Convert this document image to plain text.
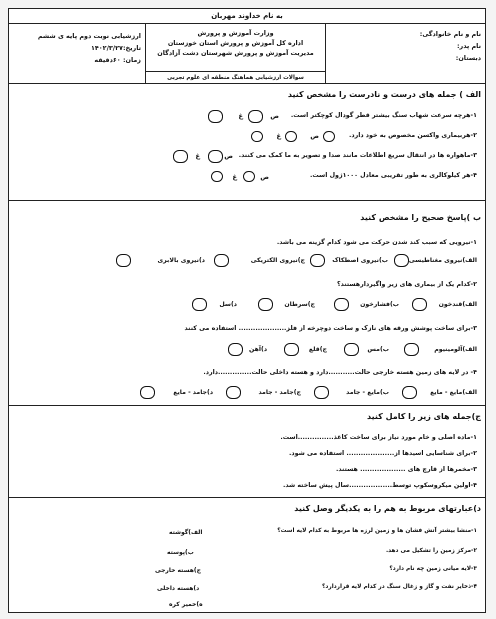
به نام خداوند مهربان
نام و نام خانوادگی:
نام پدر:
دبستان:
وزارت آموزش و پرورش
اداره کل آموزش و پرورش استان خوزستان
مدیریت آموزش و پرورش شهرستان دشت آزادگان
سوالات ارزشیابی هماهنگ منطقه ای علوم تجربی
ارزشیابی نوبت دوم پایه ی ششم
تاریخ:۱۴۰۲/۳/۲۷
زمان: ۶۰دقیقه
الف ) جمله های درست و نادرست را مشخص کنید
۱-هرچه سرعت شهاب سنگ بیشتر قطر گودال کوچکتر است.
ص
غ
۲-هربیماری واکسن مخصوص به خود دارد.
ص
غ
۳-ماهواره ها در انتقال سریع اطلاعات مانند صدا و تصویر به ما کمک می کنند.
ص
غ
۴-هر کیلوکالری به طور تقریبی معادل ۱۰۰۰ژول است.
ص
غ
ب )پاسخ صحیح را مشخص کنید
۱-نیرویی که سبب کند شدن حرکت می شود کدام گزینه می باشد.
الف)نیروی مغناطیسی
ب)نیروی اصطکاک
ج)نیروی الکتریکی
د)نیروی بالابری
۲-کدام یک از بیماری های زیر واگیردارهستند؟
الف)قندخون
ب)فشارخون
ج)سرطان
د)سل
۳-برای ساخت پوشش ورقه های نازک و ساخت دوچرخه از فلز.................... استفاده می کنند
الف)آلومینیوم
ب)مس
ج)قلع
د)آهن
۴- در لایه های زمین هسته خارجی حالت...........دارد و هسته داخلی حالت..............دارد.
الف)مایع - مایع
ب)مایع - جامد
ج)جامد - جامد
د)جامد - مایع
ج)جمله های زیر را کامل کنید
۱-ماده اصلی و خام مورد نیاز برای ساخت کاغذ...............است.
۲-برای شناسایی اسیدها از.................... استفاده می شود.
۳-مخمرها از قارچ های ................... هستند.
۴-اولین میکروسکوپ توسط..................سال پیش ساخته شد.
د)عبارتهای مربوط به هم را به یکدیگر وصل کنید
۱-منشا بیشتر آتش فشان ها و زمین لرزه ها مربوط به کدام لایه است؟
۲-مرکز زمین را تشکیل می دهد.
۳-لایه میانی زمین چه نام دارد؟
۴-ذخایر نفت و گاز و زغال سنگ در کدام لایه قراردارد؟
الف)گوشته
ب)پوسته
ج)هسته خارجی
د)هسته داخلی
ه)خمیر کره
